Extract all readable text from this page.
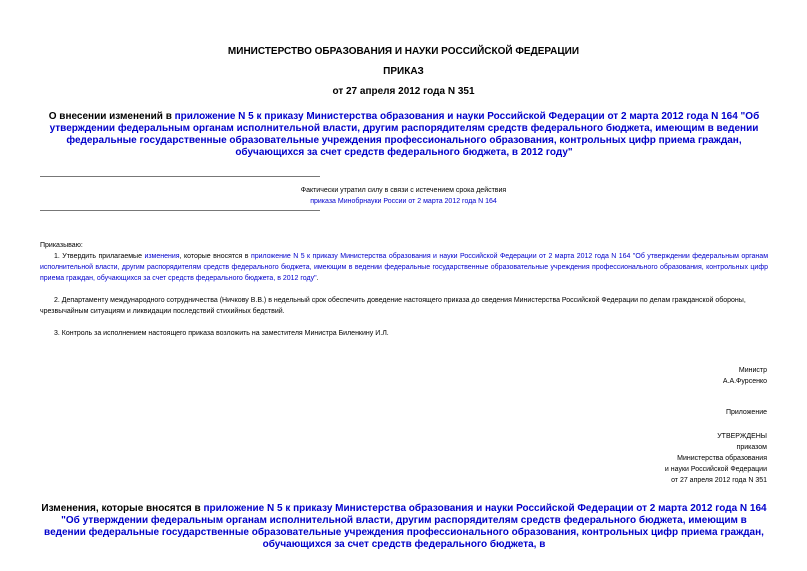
МИНИСТЕРСТВО ОБРАЗОВАНИЯ И НАУКИ РОССИЙСКОЙ ФЕДЕРАЦИИ
ПРИКАЗ
от 27 апреля 2012 года N 351
О внесении изменений в приложение N 5 к приказу Министерства образования и науки Российской Федерации от 2 марта 2012 года N 164 "Об утверждении федеральным органам исполнительной власти, другим распорядителям средств федерального бюджета, имеющим в ведении федеральные государственные образовательные учреждения профессионального образования, контрольных цифр приема граждан, обучающихся за счет средств федерального бюджета, в 2012 году"
Фактически утратил силу в связи с истечением срока действия
приказа Минобрнауки России от 2 марта 2012 года N 164
Приказываю:
1. Утвердить прилагаемые изменения, которые вносятся в приложение N 5 к приказу Министерства образования и науки Российской Федерации от 2 марта 2012 года N 164 "Об утверждении федеральным органам исполнительной власти, другим распорядителям средств федерального бюджета, имеющим в ведении федеральные государственные образовательные учреждения профессионального образования, контрольных цифр приема граждан, обучающихся за счет средств федерального бюджета, в 2012 году".
2. Департаменту международного сотрудничества (Ничкову В.В.) в недельный срок обеспечить доведение настоящего приказа до сведения Министерства Российской Федерации по делам гражданской обороны, чрезвычайным ситуациям и ликвидации последствий стихийных бедствий.
3. Контроль за исполнением настоящего приказа возложить на заместителя Министра Биленкину И.Л.
Министр
А.А.Фурсенко
Приложение
УТВЕРЖДЕНЫ
приказом
Министерства образования
и науки Российской Федерации
от 27 апреля 2012 года N 351
Изменения, которые вносятся в приложение N 5 к приказу Министерства образования и науки Российской Федерации от 2 марта 2012 года N 164 "Об утверждении федеральным органам исполнительной власти, другим распорядителям средств федерального бюджета, имеющим в ведении федеральные государственные образовательные учреждения профессионального образования, контрольных цифр приема граждан, обучающихся за счет средств федерального бюджета, в
